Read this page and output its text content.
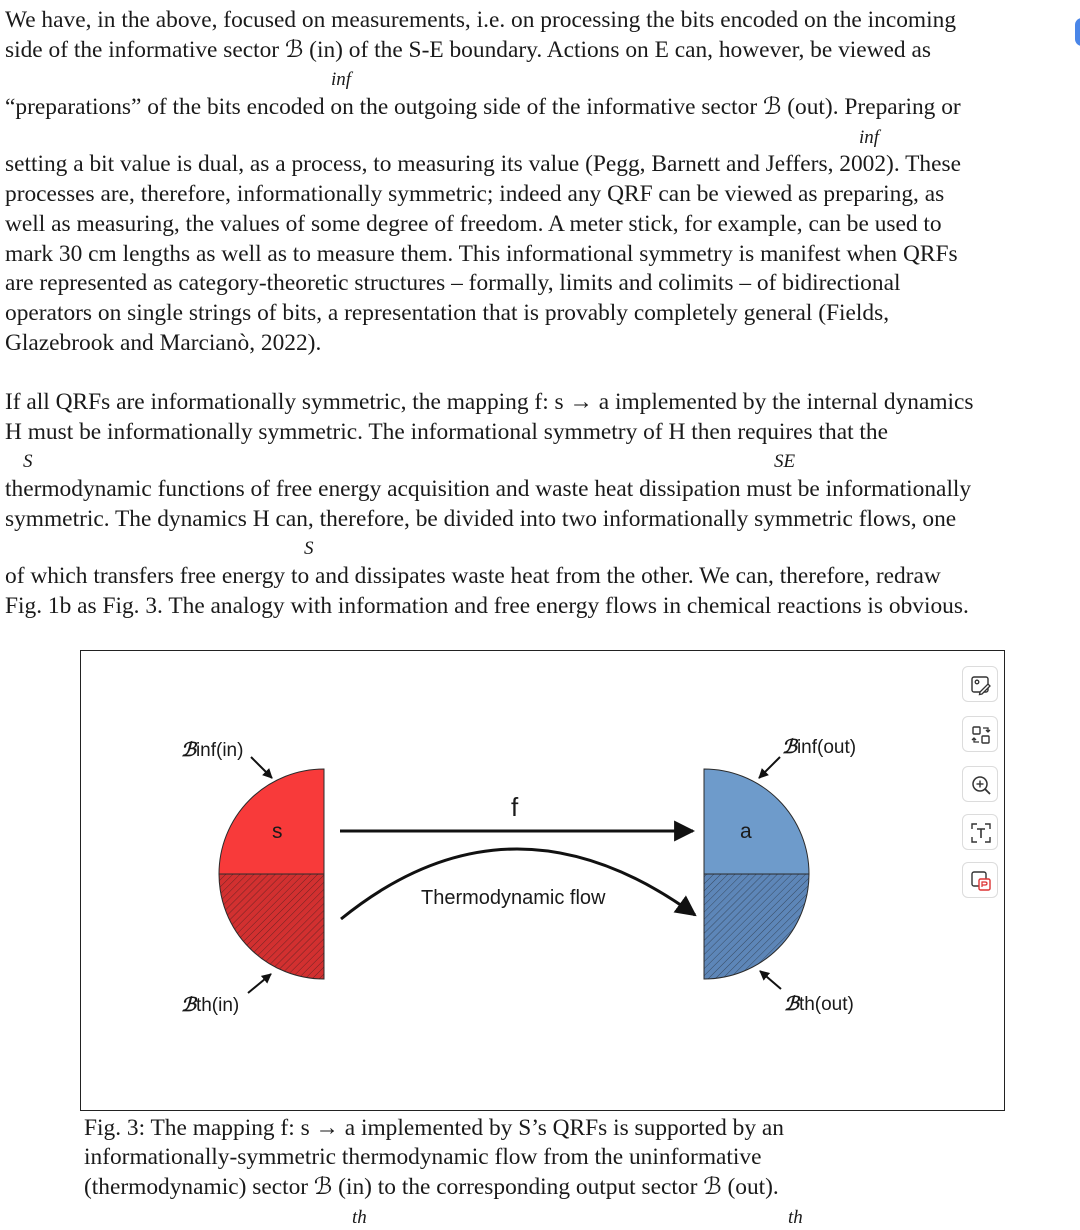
We have, in the above, focused on measurements, i.e. on processing the bits encoded on the incoming
side of the informative sector ℬ (in) of the S-E boundary. Actions on E can, however, be viewed as
inf
“preparations” of the bits encoded on the outgoing side of the informative sector ℬ (out). Preparing or
inf
setting a bit value is dual, as a process, to measuring its value (Pegg, Barnett and Jeffers, 2002). These
processes are, therefore, informationally symmetric; indeed any QRF can be viewed as preparing, as
well as measuring, the values of some degree of freedom. A meter stick, for example, can be used to
mark 30 cm lengths as well as to measure them. This informational symmetry is manifest when QRFs
are represented as category-theoretic structures – formally, limits and colimits – of bidirectional
operators on single strings of bits, a representation that is provably completely general (Fields,
Glazebrook and Marcianò, 2022).
If all QRFs are informationally symmetric, the mapping f: s → a implemented by the internal dynamics
H must be informationally symmetric. The informational symmetry of H then requires that the
S	SE
thermodynamic functions of free energy acquisition and waste heat dissipation must be informationally
symmetric. The dynamics H can, therefore, be divided into two informationally symmetric flows, one
S
of which transfers free energy to and dissipates waste heat from the other. We can, therefore, redraw
Fig. 1b as Fig. 3. The analogy with information and free energy flows in chemical reactions is obvious.
ℬinf(in)	ℬinf(out)
ℬth(in)	ℬth(out)
s	a
f
Thermodynamic flow
Fig. 3: The mapping f: s → a implemented by S’s QRFs is supported by an
informationally-symmetric thermodynamic flow from the uninformative
(thermodynamic) sector ℬ (in) to the corresponding output sector ℬ (out).
th	th
